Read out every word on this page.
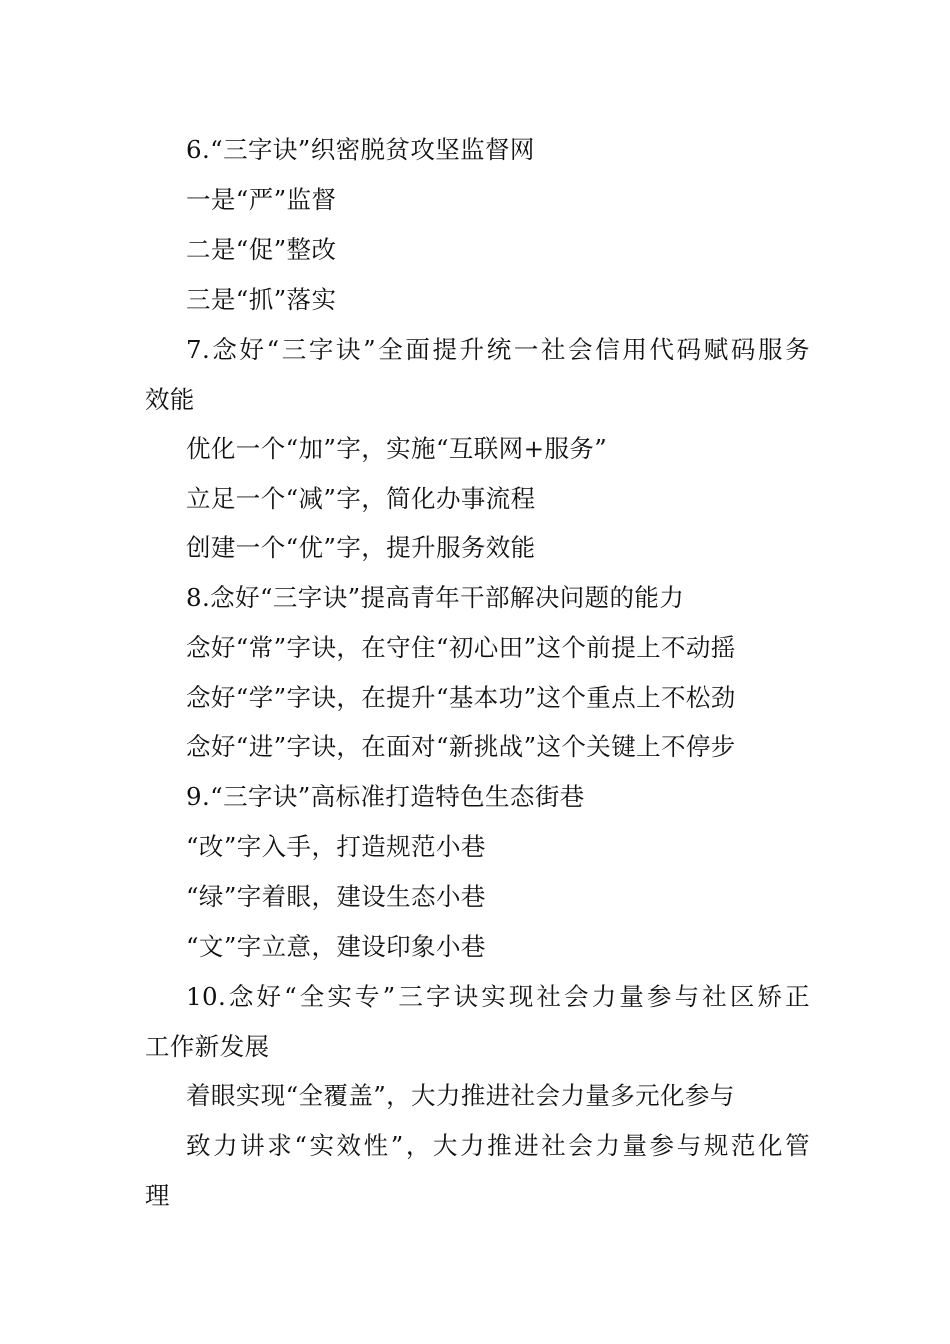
6.“三字诀”织密脱贫攻坚监督网
一是“严”监督
二是“促”整改
三是“抓”落实
7.念好“三字诀”全面提升统一社会信用代码赋码服务
效能
优化一个“加”字，实施“互联网+服务”
立足一个“减”字，简化办事流程
创建一个“优”字，提升服务效能
8.念好“三字诀”提高青年干部解决问题的能力
念好“常”字诀，在守住“初心田”这个前提上不动摇
念好“学”字诀，在提升“基本功”这个重点上不松劲
念好“进”字诀，在面对“新挑战”这个关键上不停步
9.“三字诀”高标准打造特色生态街巷
“改”字入手，打造规范小巷
“绿”字着眼，建设生态小巷
“文”字立意，建设印象小巷
10.念好“全实专”三字诀实现社会力量参与社区矫正
工作新发展
着眼实现“全覆盖”，大力推进社会力量多元化参与
致力讲求“实效性”，大力推进社会力量参与规范化管
理
